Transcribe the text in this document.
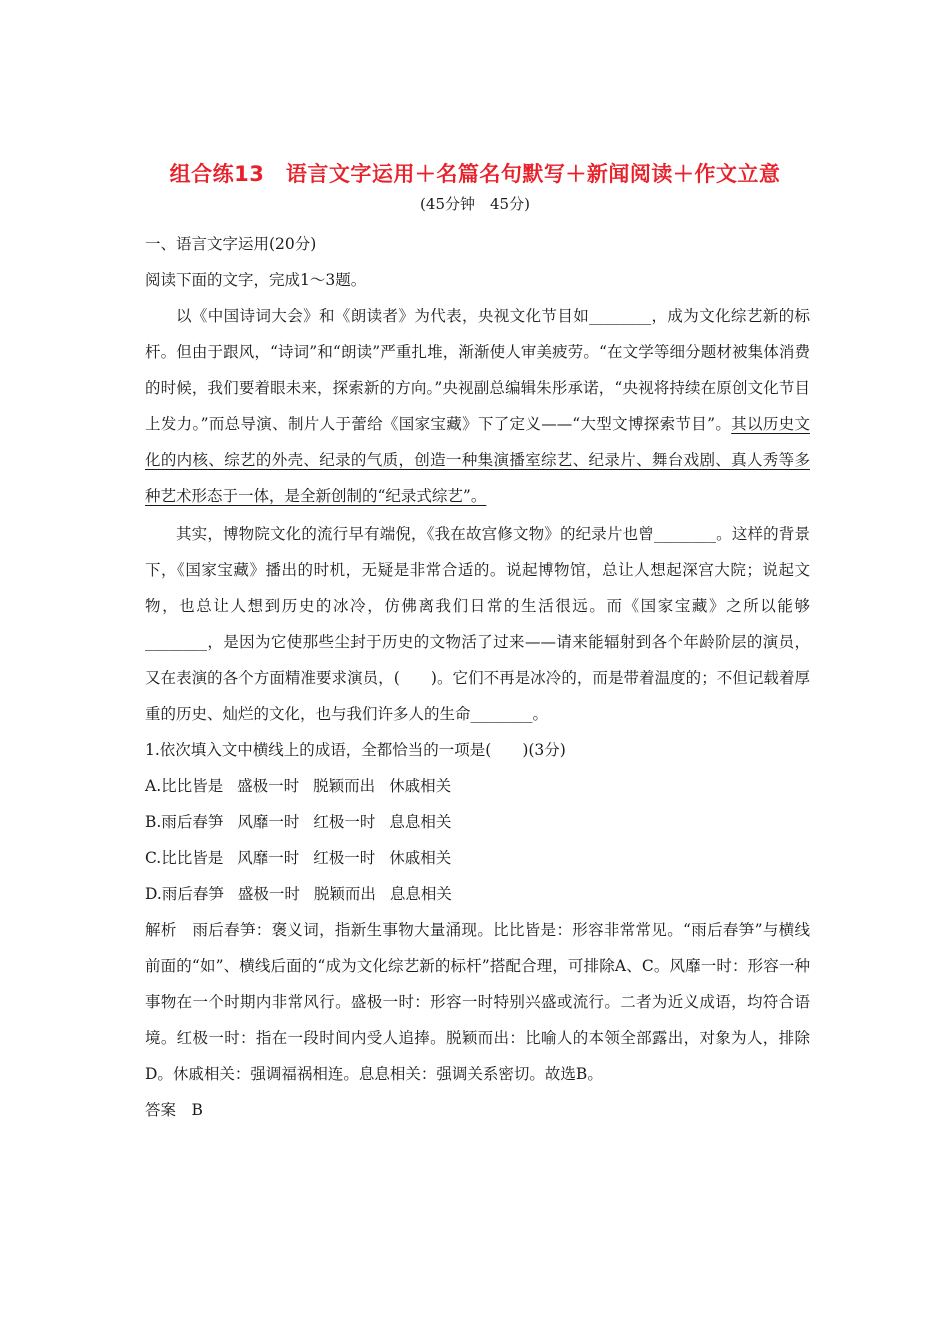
组合练13　语言文字运用＋名篇名句默写＋新闻阅读＋作文立意
(45分钟　45分)
一、语言文字运用(20分)
阅读下面的文字，完成1～3题。

以《中国诗词大会》和《朗读者》为代表，央视文化节目如________，成为文化综艺新的标杆。但由于跟风，“诗词”和“朗读”严重扎堆，渐渐使人审美疲劳。“在文学等细分题材被集体消费的时候，我们要着眼未来，探索新的方向。”央视副总编辑朱彤承诺，“央视将持续在原创文化节目上发力。”而总导演、制片人于蕾给《国家宝藏》下了定义——“大型文博探索节目”。其以历史文化的内核、综艺的外壳、纪录的气质，创造一种集演播室综艺、纪录片、舞台戏剧、真人秀等多种艺术形态于一体，是全新创制的“纪录式综艺”。

其实，博物院文化的流行早有端倪，《我在故宫修文物》的纪录片也曾________。这样的背景下，《国家宝藏》播出的时机，无疑是非常合适的。说起博物馆，总让人想起深宫大院；说起文物，也总让人想到历史的冰冷，仿佛离我们日常的生活很远。而《国家宝藏》之所以能够________，是因为它使那些尘封于历史的文物活了过来——请来能辐射到各个年龄阶层的演员，又在表演的各个方面精准要求演员，(　　)。它们不再是冰冷的，而是带着温度的；不但记载着厚重的历史、灿烂的文化，也与我们许多人的生命________。

1.依次填入文中横线上的成语，全都恰当的一项是(　　)(3分)
A.比比皆是 盛极一时 脱颖而出 休戚相关
B.雨后春笋 风靡一时 红极一时 息息相关
C.比比皆是 风靡一时 红极一时 休戚相关
D.雨后春笋 盛极一时 脱颖而出 息息相关

解析　 雨后春笋：褒义词，指新生事物大量涌现。比比皆是：形容非常常见。“雨后春笋”与横线前面的“如”、横线后面的“成为文化综艺新的标杆”搭配合理，可排除A、C。风靡一时：形容一种事物在一个时期内非常风行。盛极一时：形容一时特别兴盛或流行。二者为近义成语，均符合语境。红极一时：指在一段时间内受人追捧。脱颖而出：比喻人的本领全部露出，对象为人，排除D。休戚相关：强调福祸相连。息息相关：强调关系密切。故选B。

答案　 B
